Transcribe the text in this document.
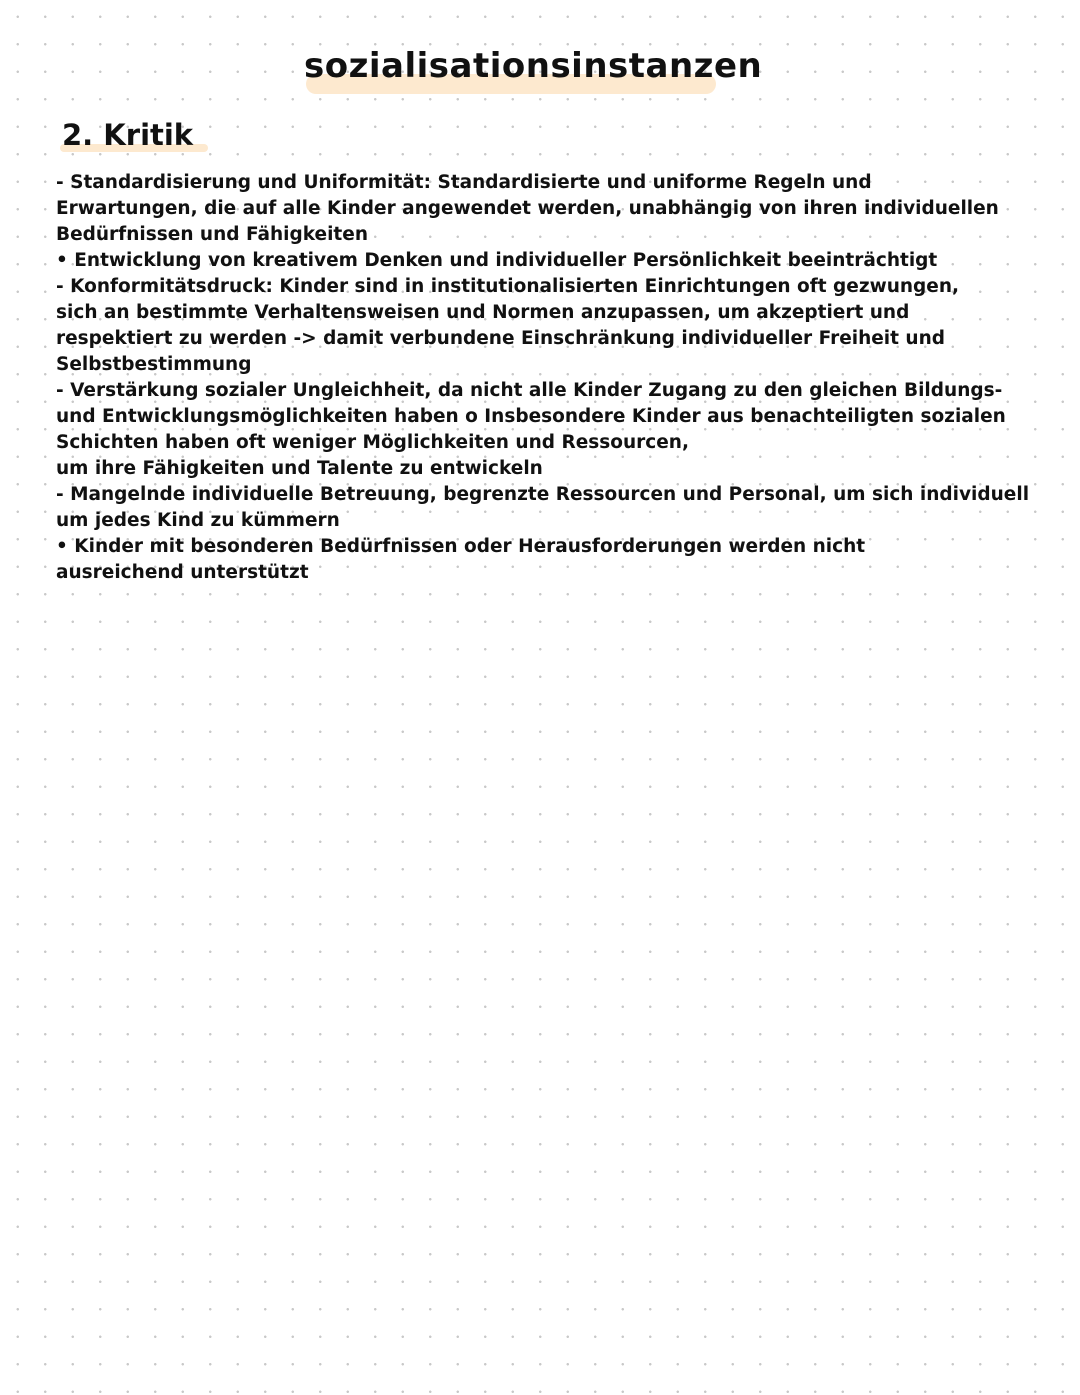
sozialisationsinstanzen
2. Kritik
- Standardisierung und Uniformität: Standardisierte und uniforme Regeln und
Erwartungen, die auf alle Kinder angewendet werden, unabhängig von ihren individuellen
Bedürfnissen und Fähigkeiten
• Entwicklung von kreativem Denken und individueller Persönlichkeit beeinträchtigt
- Konformitätsdruck: Kinder sind in institutionalisierten Einrichtungen oft gezwungen,
sich an bestimmte Verhaltensweisen und Normen anzupassen, um akzeptiert und
respektiert zu werden -> damit verbundene Einschränkung individueller Freiheit und
Selbstbestimmung
- Verstärkung sozialer Ungleichheit, da nicht alle Kinder Zugang zu den gleichen Bildungs-
und Entwicklungsmöglichkeiten haben o Insbesondere Kinder aus benachteiligten sozialen
Schichten haben oft weniger Möglichkeiten und Ressourcen,
um ihre Fähigkeiten und Talente zu entwickeln
- Mangelnde individuelle Betreuung, begrenzte Ressourcen und Personal, um sich individuell
um jedes Kind zu kümmern
• Kinder mit besonderen Bedürfnissen oder Herausforderungen werden nicht
ausreichend unterstützt
